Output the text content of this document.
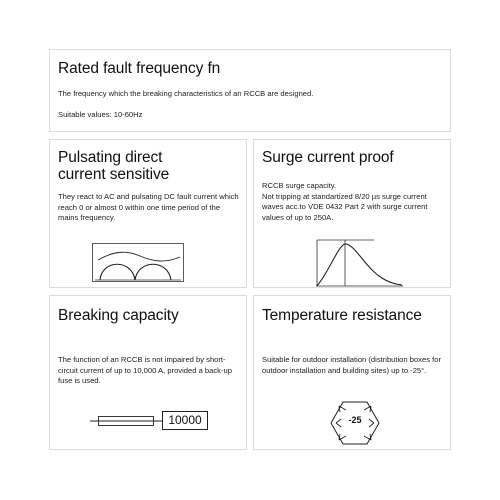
Rated fault frequency fn
The frequency which the breaking characteristics of an RCCB are designed.
Suitable values: 10-60Hz
Pulsating direct
current sensitive
They react to AC and pulsating DC fault current which reach 0 or almost 0 within one time period of the mains frequency.
Surge current proof
RCCB surge capacity.
Not tripping at standartized 8/20 µs surge current waves acc.to VDE 0432 Part 2 with surge current values of up to 250A.
Breaking capacity
The function of an RCCB is not impaired by short-circuit current of up to 10,000 A, provided a back-up fuse is used.
10000
Temperature resistance
Suitable for outdoor installation (distribution boxes for outdoor installation and building sites) up to -25°.
-25
